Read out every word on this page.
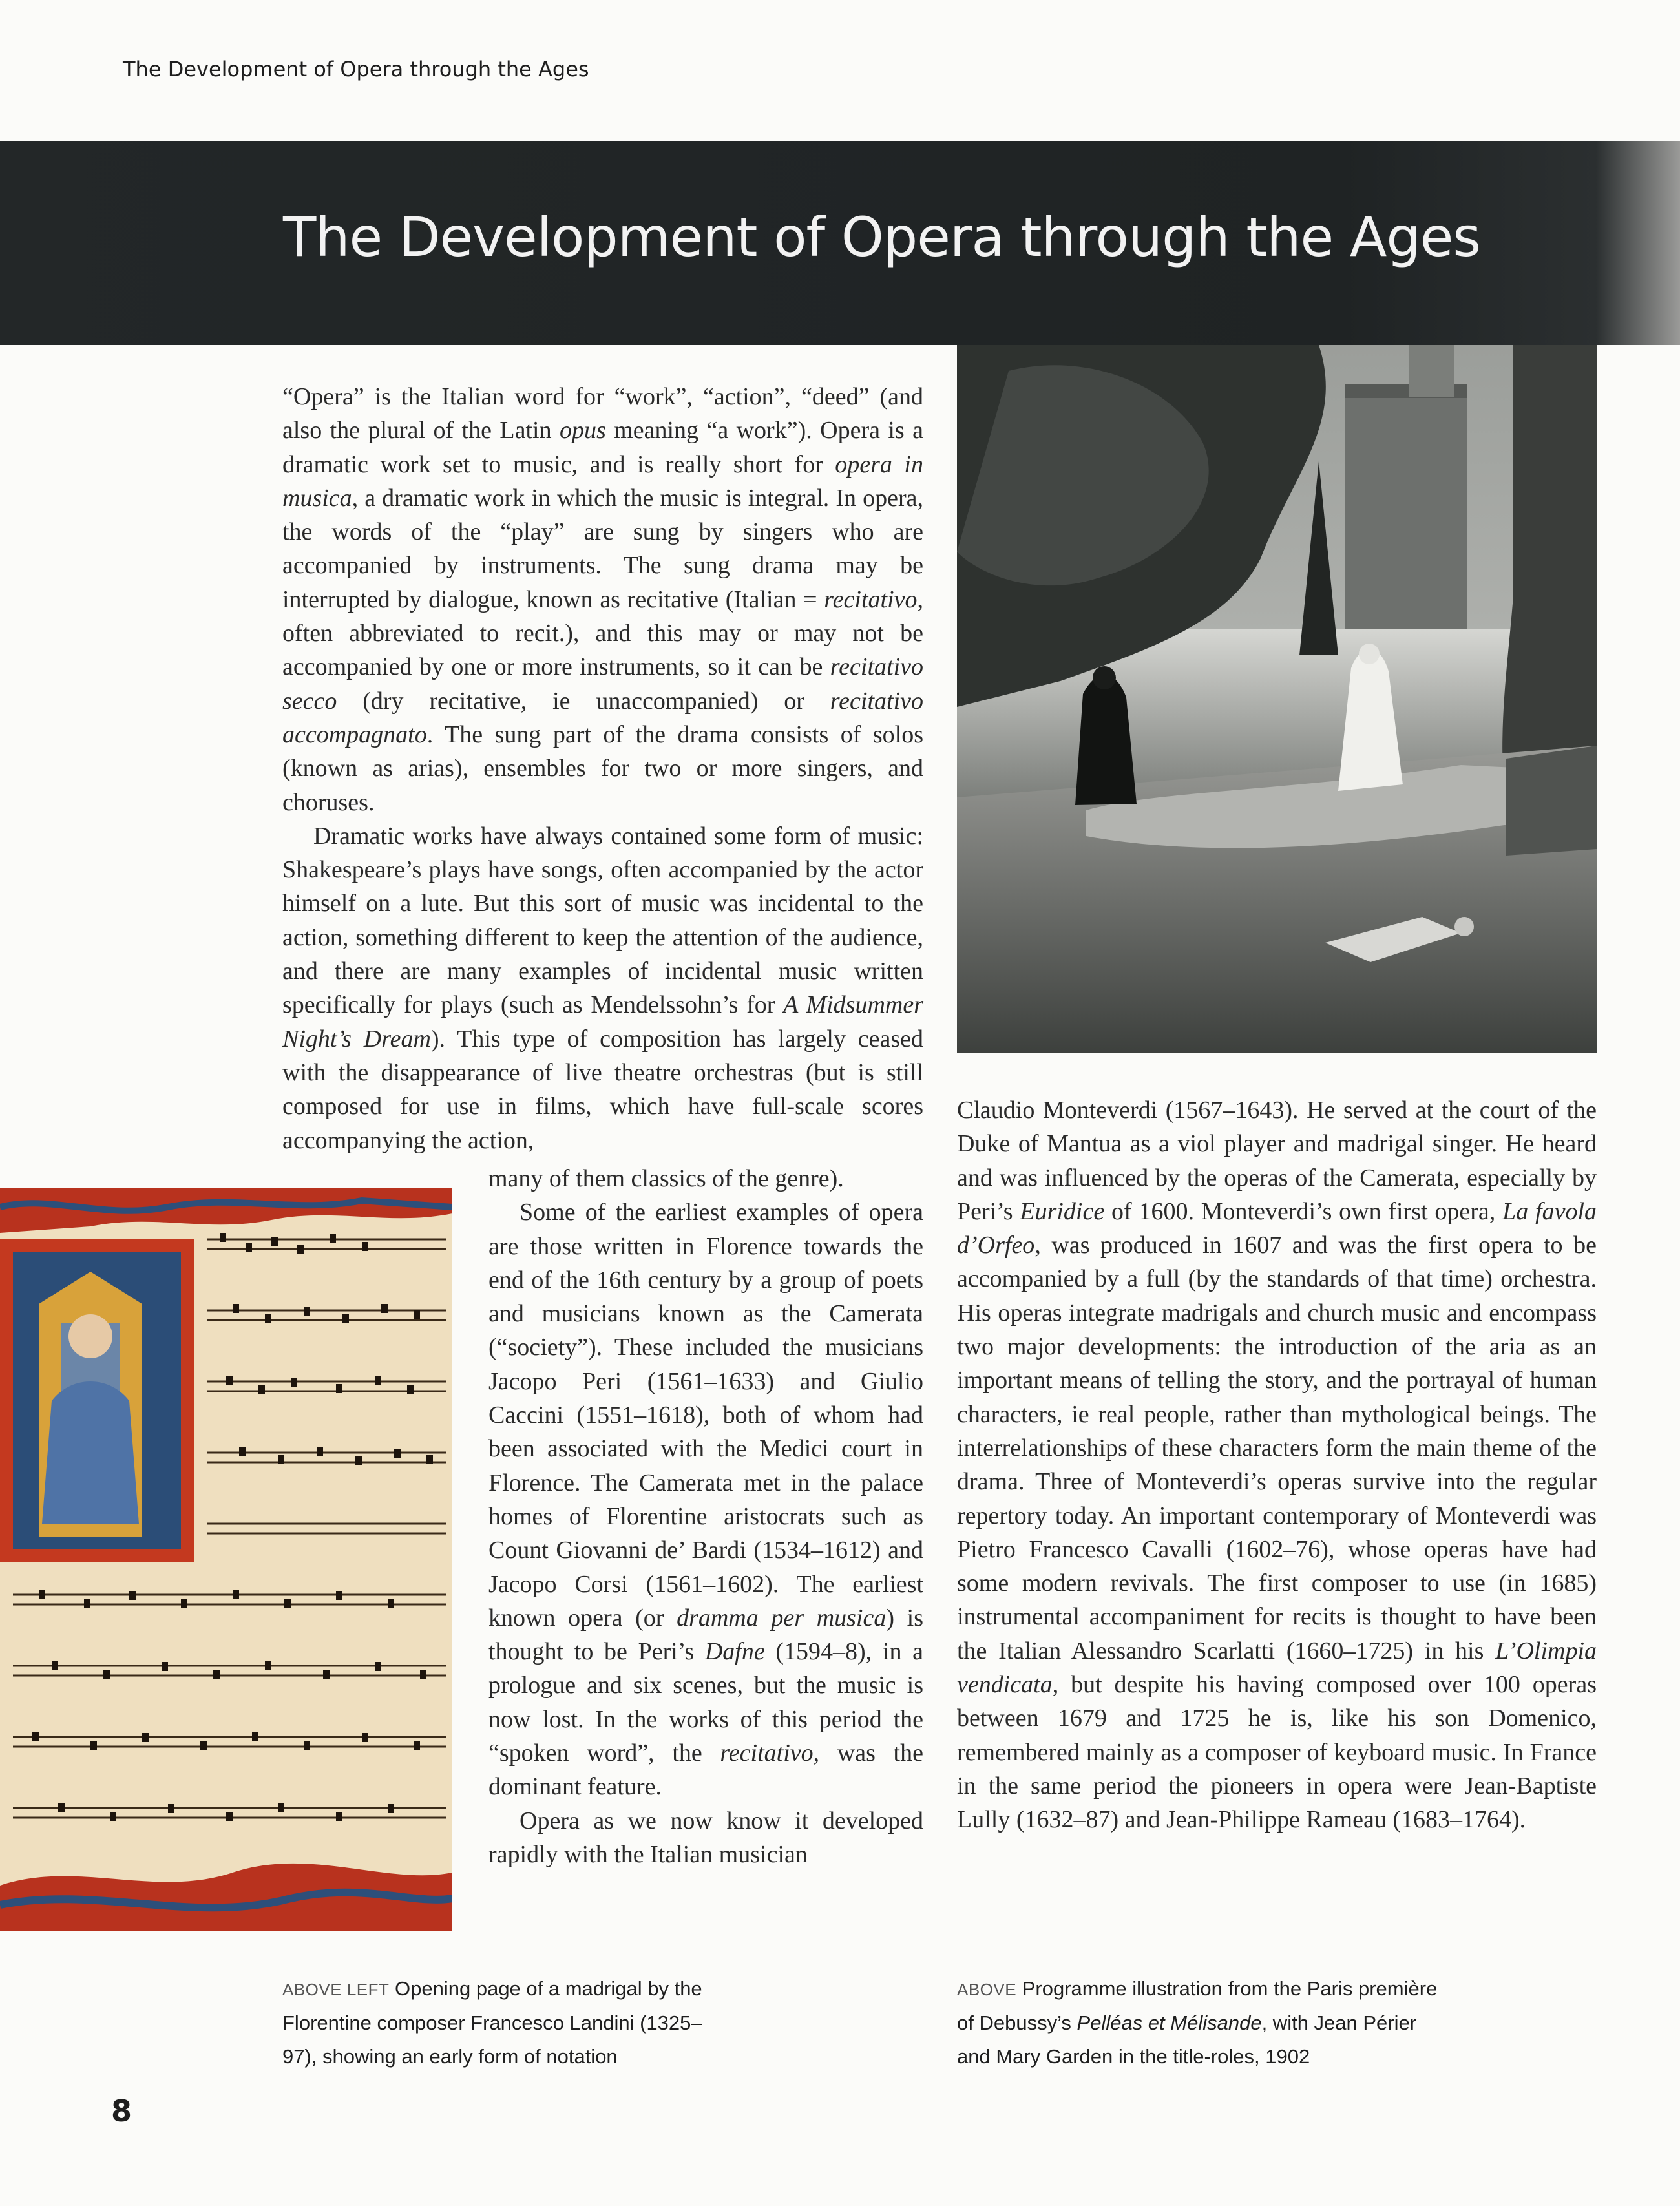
The Development of Opera through the Ages
The Development of Opera through the Ages

“Opera” is the Italian word for “work”, “action”, “deed” (and also the plural of the Latin opus meaning “a work”). Opera is a dramatic work set to music, and is really short for opera in musica, a dramatic work in which the music is integral. In opera, the words of the “play” are sung by singers who are accompanied by instruments. The sung drama may be interrupted by dialogue, known as recitative (Italian = recitativo, often abbreviated to recit.), and this may or may not be accompanied by one or more instruments, so it can be recitativo secco (dry recitative, ie unaccompanied) or recitativo accompagnato. The sung part of the drama consists of solos (known as arias), ensembles for two or more singers, and choruses.

Dramatic works have always contained some form of music: Shakespeare’s plays have songs, often accompanied by the actor himself on a lute. But this sort of music was incidental to the action, something different to keep the attention of the audience, and there are many examples of incidental music written specifically for plays (such as Mendelssohn’s for A Midsummer Night’s Dream). This type of composition has largely ceased with the disappearance of live theatre orchestras (but is still composed for use in films, which have full-scale scores accompanying the action,

many of them classics of the genre).

Some of the earliest examples of opera are those written in Florence towards the end of the 16th century by a group of poets and musicians known as the Camerata (“society”). These included the musicians Jacopo Peri (1561–1633) and Giulio Caccini (1551–1618), both of whom had been associated with the Medici court in Florence. The Camerata met in the palace homes of Florentine aristocrats such as Count Giovanni de’ Bardi (1534–1612) and Jacopo Corsi (1561–1602). The earliest known opera (or dramma per musica) is thought to be Peri’s Dafne (1594–8), in a prologue and six scenes, but the music is now lost. In the works of this period the “spoken word”, the recitativo, was the dominant feature.

Opera as we now know it developed rapidly with the Italian musician

Claudio Monteverdi (1567–1643). He served at the court of the Duke of Mantua as a viol player and madrigal singer. He heard and was influenced by the operas of the Camerata, especially by Peri’s Euridice of 1600. Monteverdi’s own first opera, La favola d’Orfeo, was produced in 1607 and was the first opera to be accompanied by a full (by the standards of that time) orchestra. His operas integrate madrigals and church music and encompass two major developments: the introduction of the aria as an important means of telling the story, and the portrayal of human characters, ie real people, rather than mythological beings. The interrelationships of these characters form the main theme of the drama. Three of Monteverdi’s operas survive into the regular repertory today. An important contemporary of Monteverdi was Pietro Francesco Cavalli (1602–76), whose operas have had some modern revivals. The first composer to use (in 1685) instrumental accompaniment for recits is thought to have been the Italian Alessandro Scarlatti (1660–1725) in his L’Olimpia vendicata, but despite his having composed over 100 operas between 1679 and 1725 he is, like his son Domenico, remembered mainly as a composer of keyboard music. In France in the same period the pioneers in opera were Jean-Baptiste Lully (1632–87) and Jean-Philippe Rameau (1683–1764).

ABOVE LEFT Opening page of a madrigal by the Florentine composer Francesco Landini (1325–97), showing an early form of notation
ABOVE Programme illustration from the Paris première of Debussy’s Pelléas et Mélisande, with Jean Périer and Mary Garden in the title-roles, 1902
8
